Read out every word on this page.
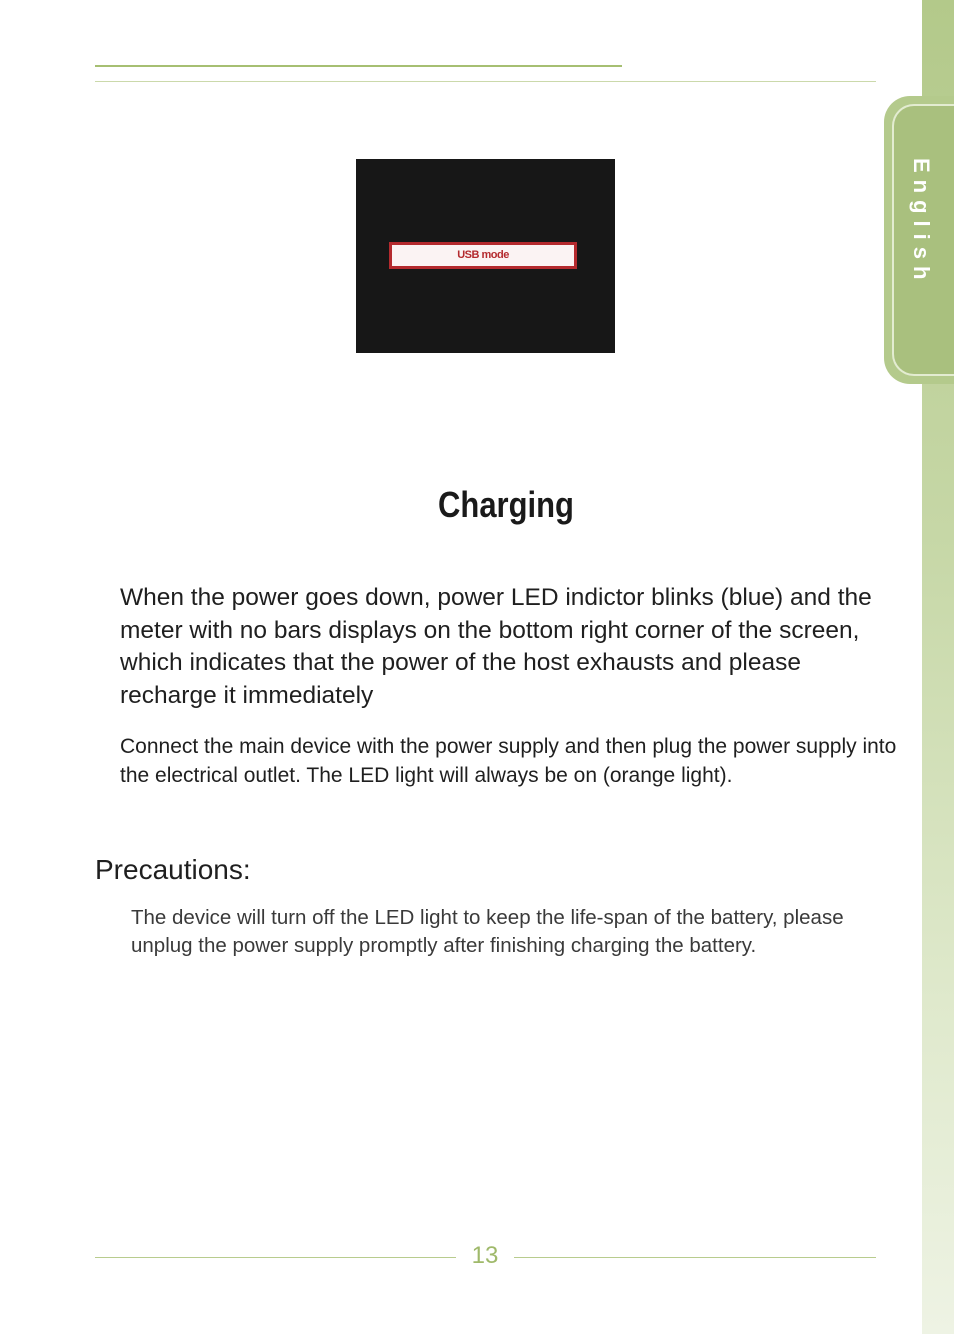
English
USB mode
Charging

When the power goes down, power LED indictor blinks (blue) and the meter with no bars displays on the bottom right corner of the screen, which indicates that the power of the host exhausts and please recharge it immediately

Connect the main device with the power supply and then plug the power supply into the electrical outlet. The LED light will always be on (orange light).

Precautions:

The device will turn off the LED light to keep the life-span of the battery, please unplug the power supply promptly after finishing charging the battery.

13
